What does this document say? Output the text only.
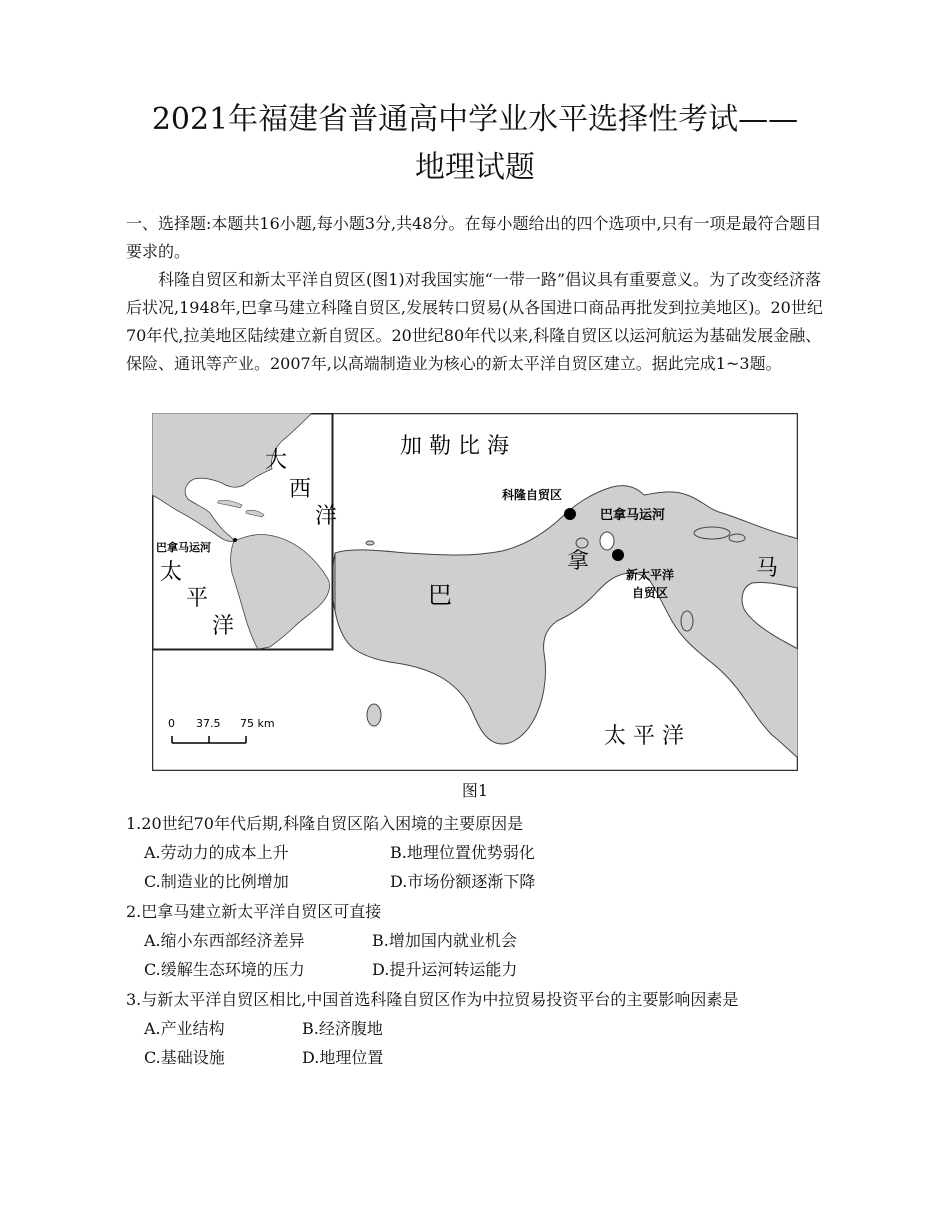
2021年福建省普通高中学业水平选择性考试——
地理试题
一、选择题:本题共16小题,每小题3分,共48分。在每小题给出的四个选项中,只有一项是最符合题目要求的。
科隆自贸区和新太平洋自贸区(图1)对我国实施“一带一路”倡议具有重要意义。为了改变经济落后状况,1948年,巴拿马建立科隆自贸区,发展转口贸易(从各国进口商品再批发到拉美地区)。20世纪70年代,拉美地区陆续建立新自贸区。20世纪80年代以来,科隆自贸区以运河航运为基础发展金融、保险、通讯等产业。2007年,以高端制造业为核心的新太平洋自贸区建立。据此完成1~3题。
大
西
洋
巴拿马运河
太
平
洋
加 勒 比 海
科隆自贸区
巴拿马运河
巴
拿
新太平洋
自贸区
马
太 平 洋
0 37.5 75 km
图1
1.20世纪70年代后期,科隆自贸区陷入困境的主要原因是
A.劳动力的成本上升	B.地理位置优势弱化
C.制造业的比例增加	D.市场份额逐渐下降
2.巴拿马建立新太平洋自贸区可直接
A.缩小东西部经济差异	B.增加国内就业机会
C.缓解生态环境的压力	D.提升运河转运能力
3.与新太平洋自贸区相比,中国首选科隆自贸区作为中拉贸易投资平台的主要影响因素是
A.产业结构	B.经济腹地
C.基础设施	D.地理位置
